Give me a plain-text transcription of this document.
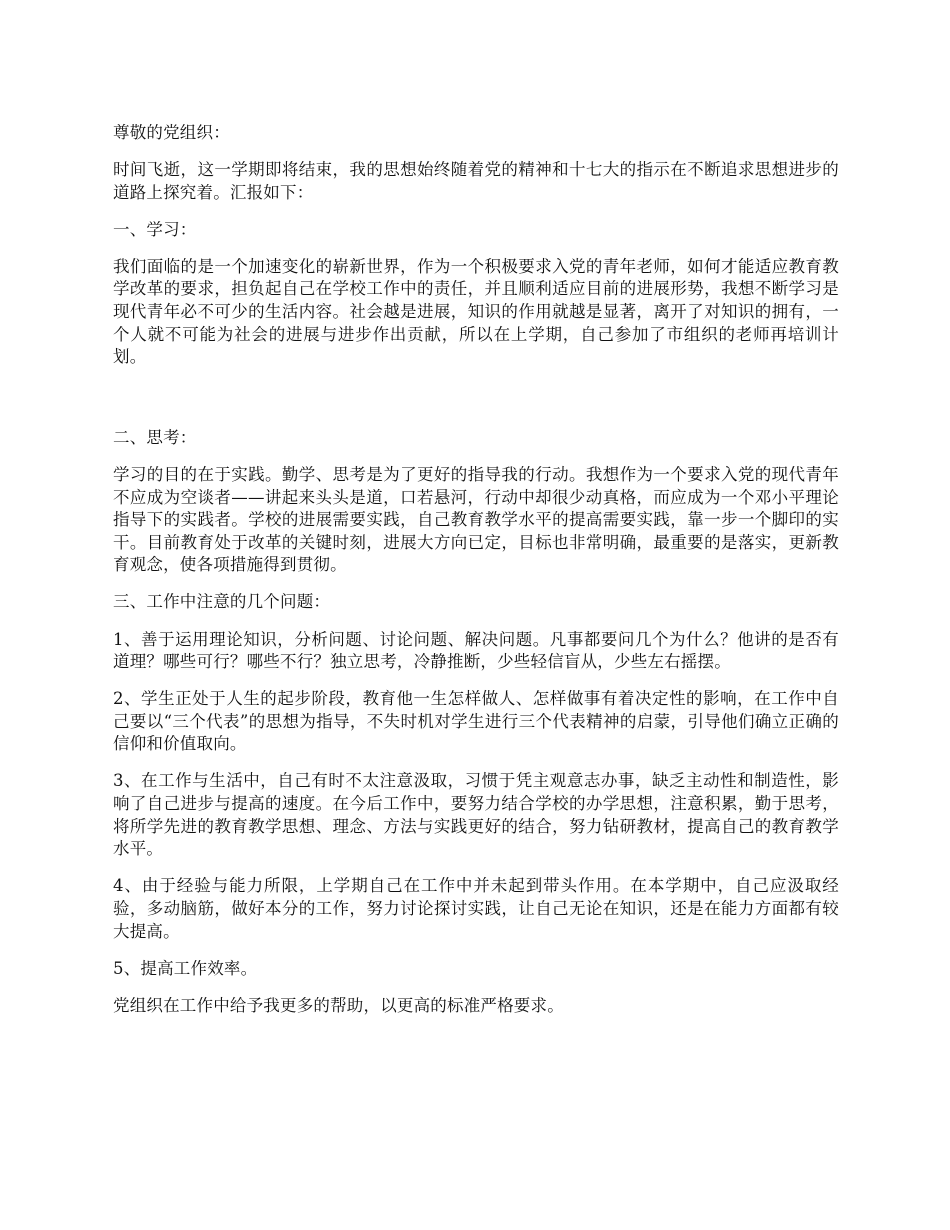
尊敬的党组织：

时间飞逝，这一学期即将结束，我的思想始终随着党的精神和十七大的指示在不断追求思想进步的道路上探究着。汇报如下：

一、学习：

我们面临的是一个加速变化的崭新世界，作为一个积极要求入党的青年老师，如何才能适应教育教学改革的要求，担负起自己在学校工作中的责任，并且顺利适应目前的进展形势，我想不断学习是现代青年必不可少的生活内容。社会越是进展，知识的作用就越是显著，离开了对知识的拥有，一个人就不可能为社会的进展与进步作出贡献，所以在上学期，自己参加了市组织的老师再培训计划。

二、思考：

学习的目的在于实践。勤学、思考是为了更好的指导我的行动。我想作为一个要求入党的现代青年不应成为空谈者——讲起来头头是道，口若悬河，行动中却很少动真格，而应成为一个邓小平理论指导下的实践者。学校的进展需要实践，自己教育教学水平的提高需要实践，靠一步一个脚印的实干。目前教育处于改革的关键时刻，进展大方向已定，目标也非常明确，最重要的是落实，更新教育观念，使各项措施得到贯彻。

三、工作中注意的几个问题：

1、善于运用理论知识，分析问题、讨论问题、解决问题。凡事都要问几个为什么？他讲的是否有道理？哪些可行？哪些不行？独立思考，冷静推断，少些轻信盲从，少些左右摇摆。

2、学生正处于人生的起步阶段，教育他一生怎样做人、怎样做事有着决定性的影响，在工作中自己要以“三个代表”的思想为指导，不失时机对学生进行三个代表精神的启蒙，引导他们确立正确的信仰和价值取向。

3、在工作与生活中，自己有时不太注意汲取，习惯于凭主观意志办事，缺乏主动性和制造性，影响了自己进步与提高的速度。在今后工作中，要努力结合学校的办学思想，注意积累，勤于思考，将所学先进的教育教学思想、理念、方法与实践更好的结合，努力钻研教材，提高自己的教育教学水平。

4、由于经验与能力所限，上学期自己在工作中并未起到带头作用。在本学期中，自己应汲取经验，多动脑筋，做好本分的工作，努力讨论探讨实践，让自己无论在知识，还是在能力方面都有较大提高。

5、提高工作效率。

党组织在工作中给予我更多的帮助，以更高的标准严格要求。
